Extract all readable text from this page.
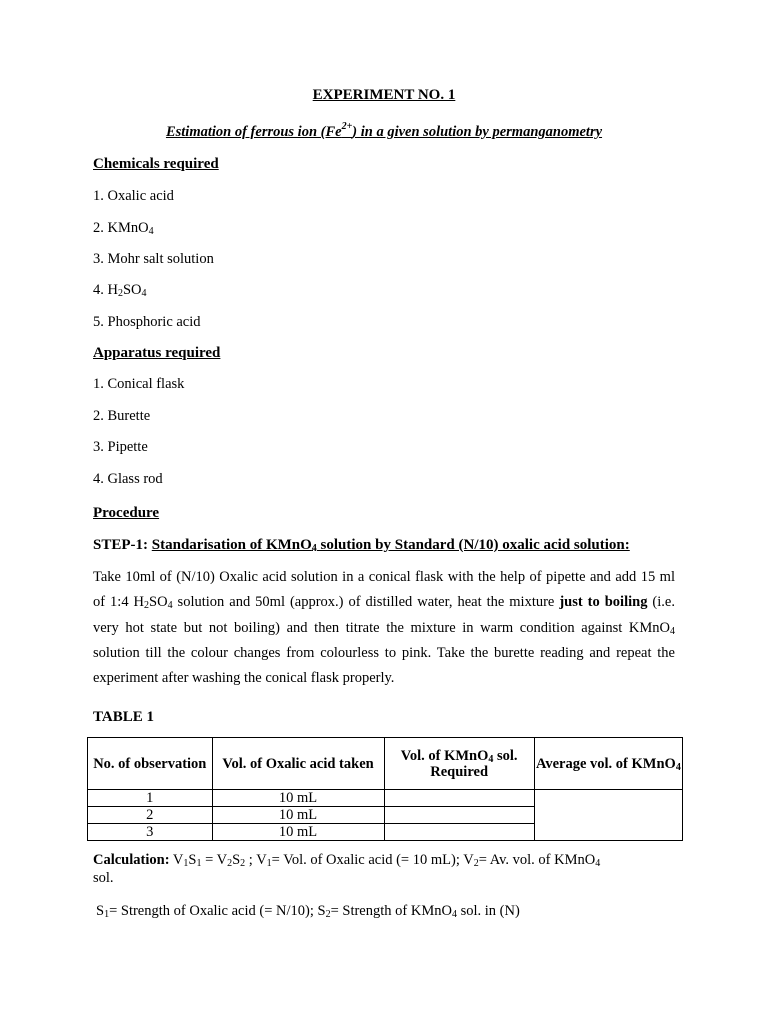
EXPERIMENT NO. 1
Estimation of ferrous ion $(Fe^{2+})$ in a given solution by permanganometry
Chemicals required
1. Oxalic acid
2. KMnO$_4$
3. Mohr salt solution
4. $H_2SO_4$
5. Phosphoric acid
Apparatus required
1. Conical flask
2. Burette
3. Pipette
4. Glass rod
Procedure
STEP-1: Standarisation of KMnO$_4$ solution by Standard (N/10) oxalic acid solution:
Take 10ml of (N/10) Oxalic acid solution in a conical flask with the help of pipette and add 15 ml of 1:4 $H_2SO_4$ solution and 50ml (approx.) of distilled water, heat the mixture just to boiling (i.e. very hot state but not boiling) and then titrate the mixture in warm condition against KMnO$_4$ solution till the colour changes from colourless to pink. Take the burette reading and repeat the experiment after washing the conical flask properly.
TABLE 1
No. of observation	Vol. of Oxalic acid taken	Vol. of KMnO$_4$ sol. Required	Average vol. of KMnO$_4$
1	10 mL		
2	10 mL		
3	10 mL		
Calculation: $V_1S_1 = V_2S_2$ ; $V_1=$ Vol. of Oxalic acid (= 10 mL); $V_2= Av$. vol. of KMnO$_4$
sol.
$S_1=$ Strength of Oxalic acid (= N/10); $S_2=$ Strength of KMnO$_4$ sol. in (N)
